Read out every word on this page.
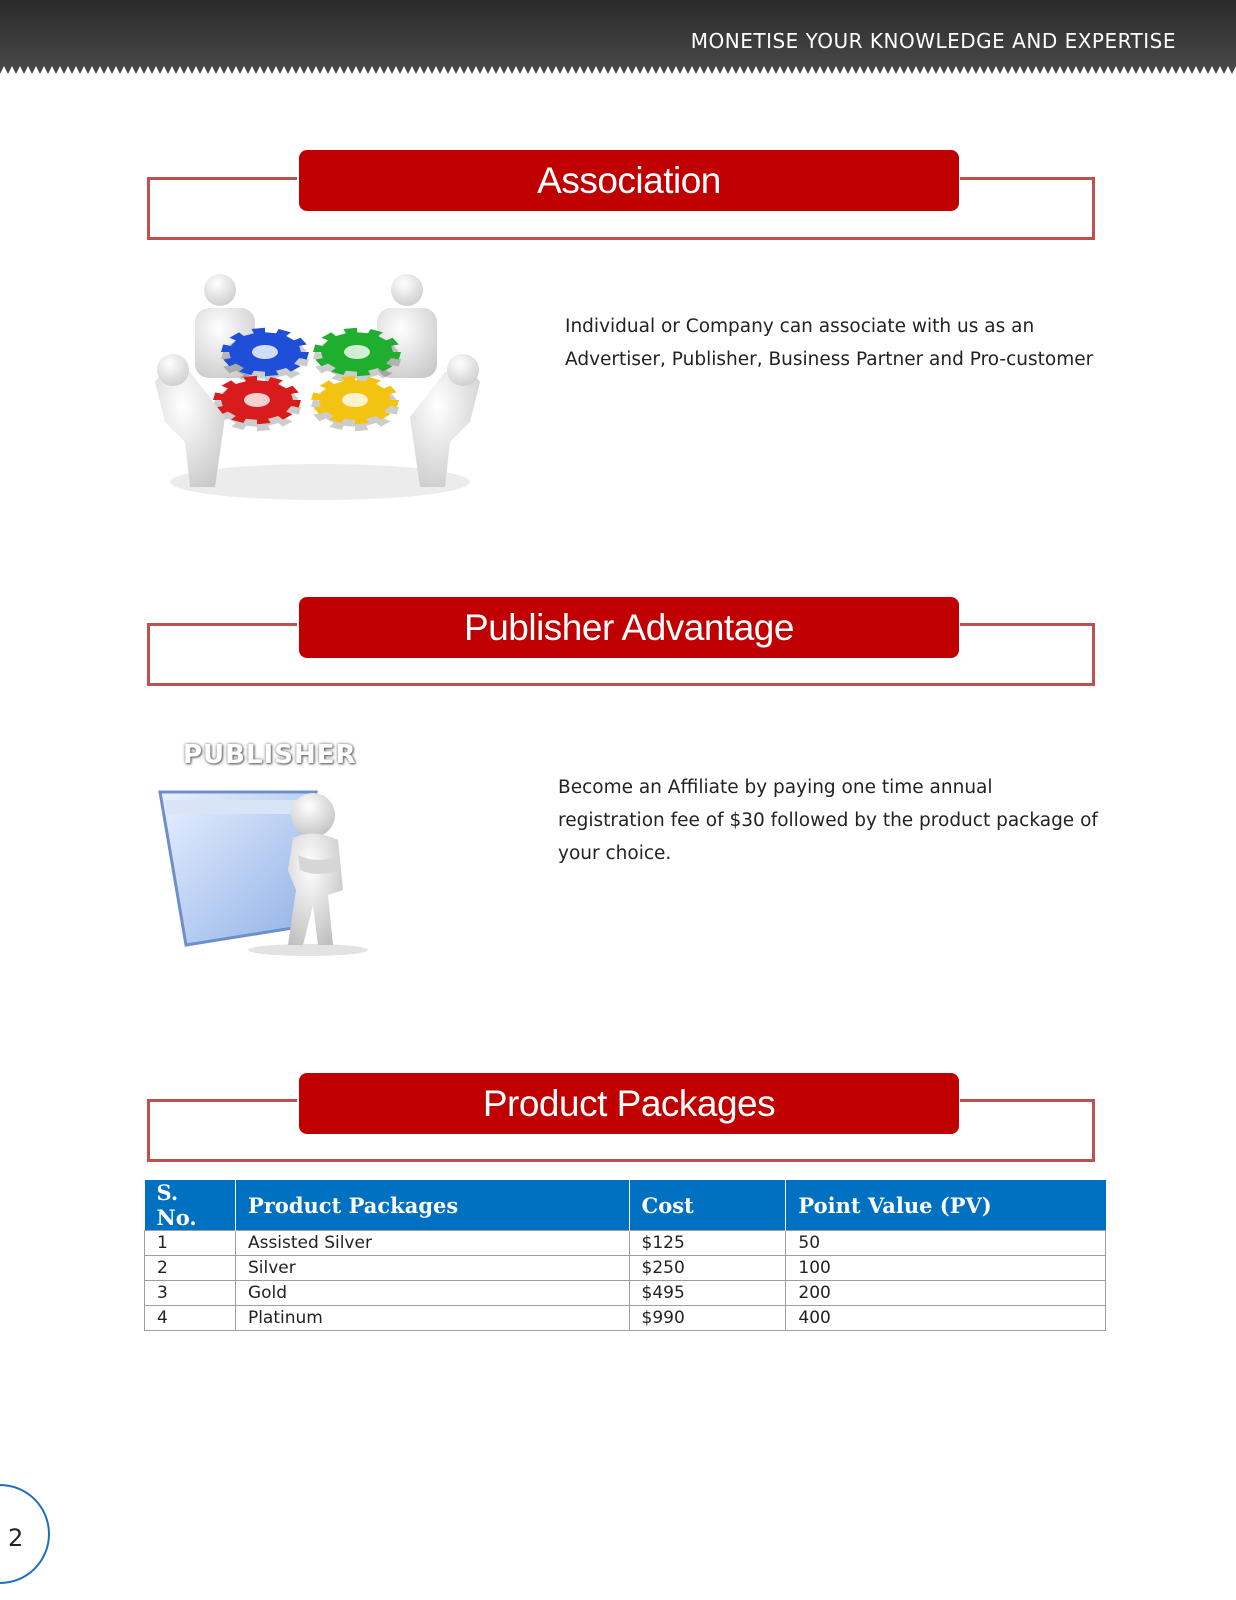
MONETISE YOUR KNOWLEDGE AND EXPERTISE
Association
Individual or Company can associate with us as an Advertiser, Publisher, Business Partner and Pro-customer
Publisher Advantage
PUBLISHER
Become an Affiliate by paying one time annual registration fee of $30 followed by the product package of your choice.
Product Packages
S. No.	Product Packages	Cost	Point Value (PV)
1	Assisted Silver	$125	50
2	Silver	$250	100
3	Gold	$495	200
4	Platinum	$990	400
2
